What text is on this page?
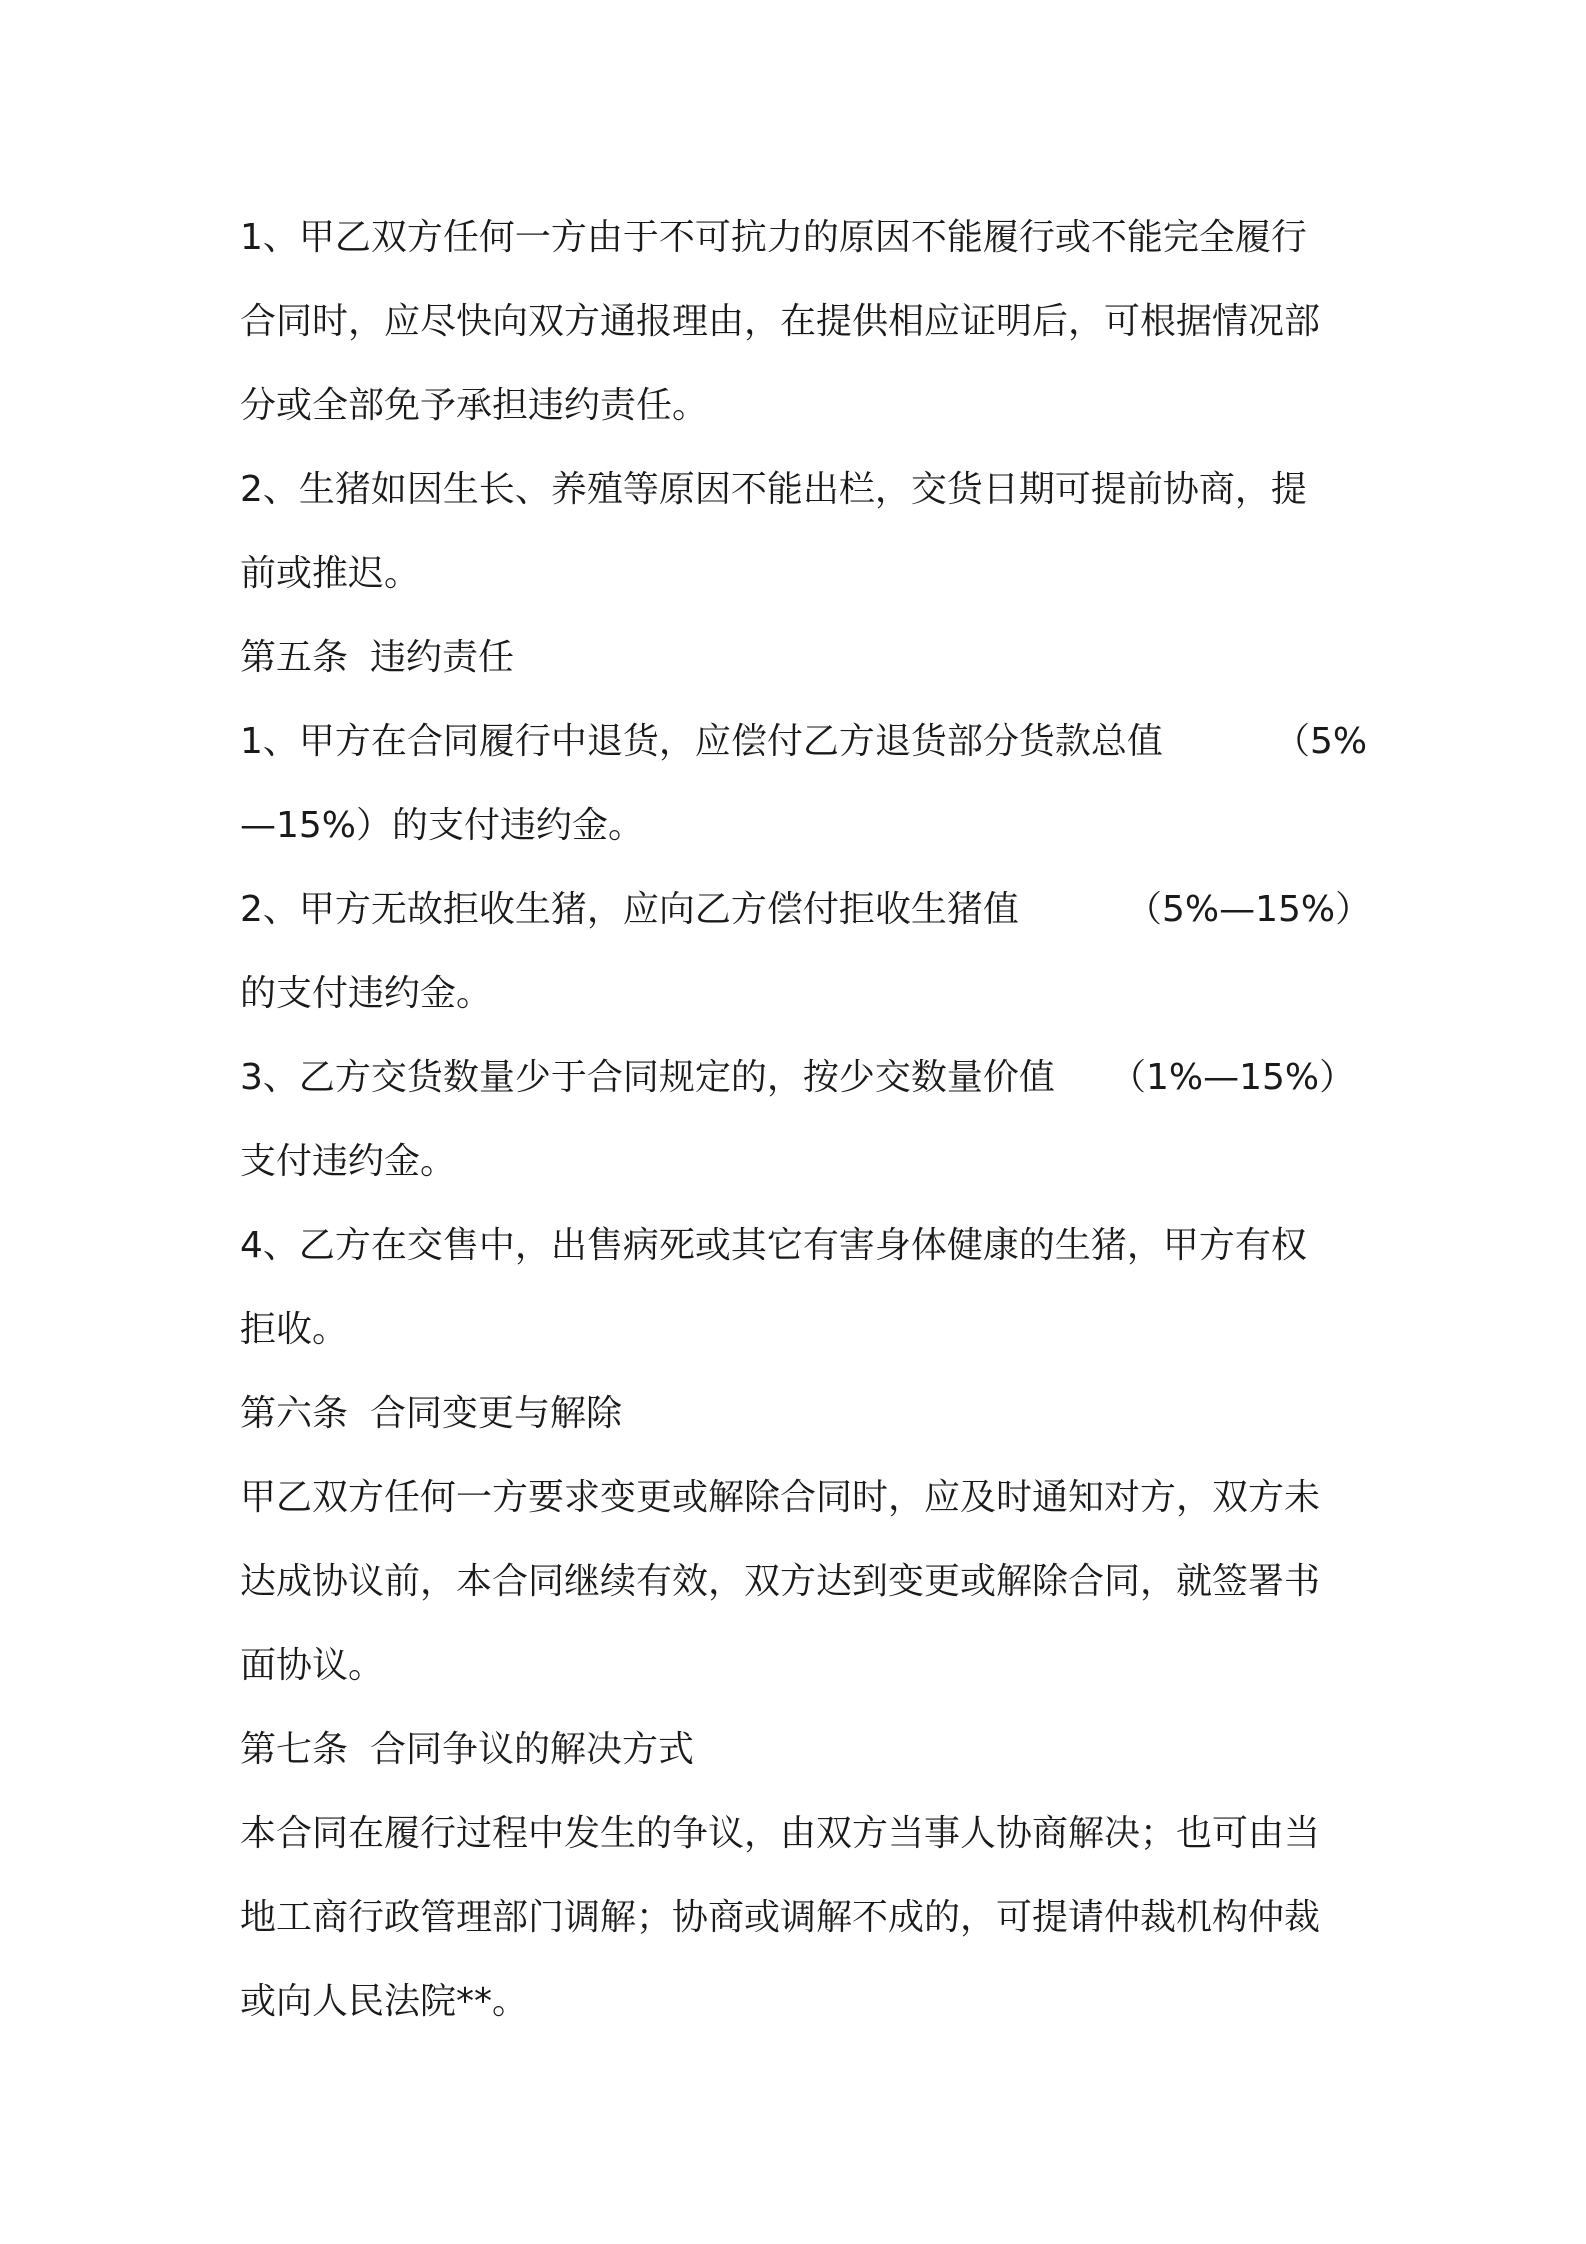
1、甲乙双方任何一方由于不可抗力的原因不能履行或不能完全履行
合同时，应尽快向双方通报理由，在提供相应证明后，可根据情况部
分或全部免予承担违约责任。
2、生猪如因生长、养殖等原因不能出栏，交货日期可提前协商，提
前或推迟。
第五条 违约责任
1、甲方在合同履行中退货，应偿付乙方退货部分货款总值	（5%
—15%）的支付违约金。
2、甲方无故拒收生猪，应向乙方偿付拒收生猪值	（5%—15%）
的支付违约金。
3、乙方交货数量少于合同规定的，按少交数量价值 （1%—15%）
支付违约金。
4、乙方在交售中，出售病死或其它有害身体健康的生猪，甲方有权
拒收。
第六条 合同变更与解除
甲乙双方任何一方要求变更或解除合同时，应及时通知对方，双方未
达成协议前，本合同继续有效，双方达到变更或解除合同，就签署书
面协议。
第七条 合同争议的解决方式
本合同在履行过程中发生的争议，由双方当事人协商解决；也可由当
地工商行政管理部门调解；协商或调解不成的，可提请仲裁机构仲裁
或向人民法院**。
